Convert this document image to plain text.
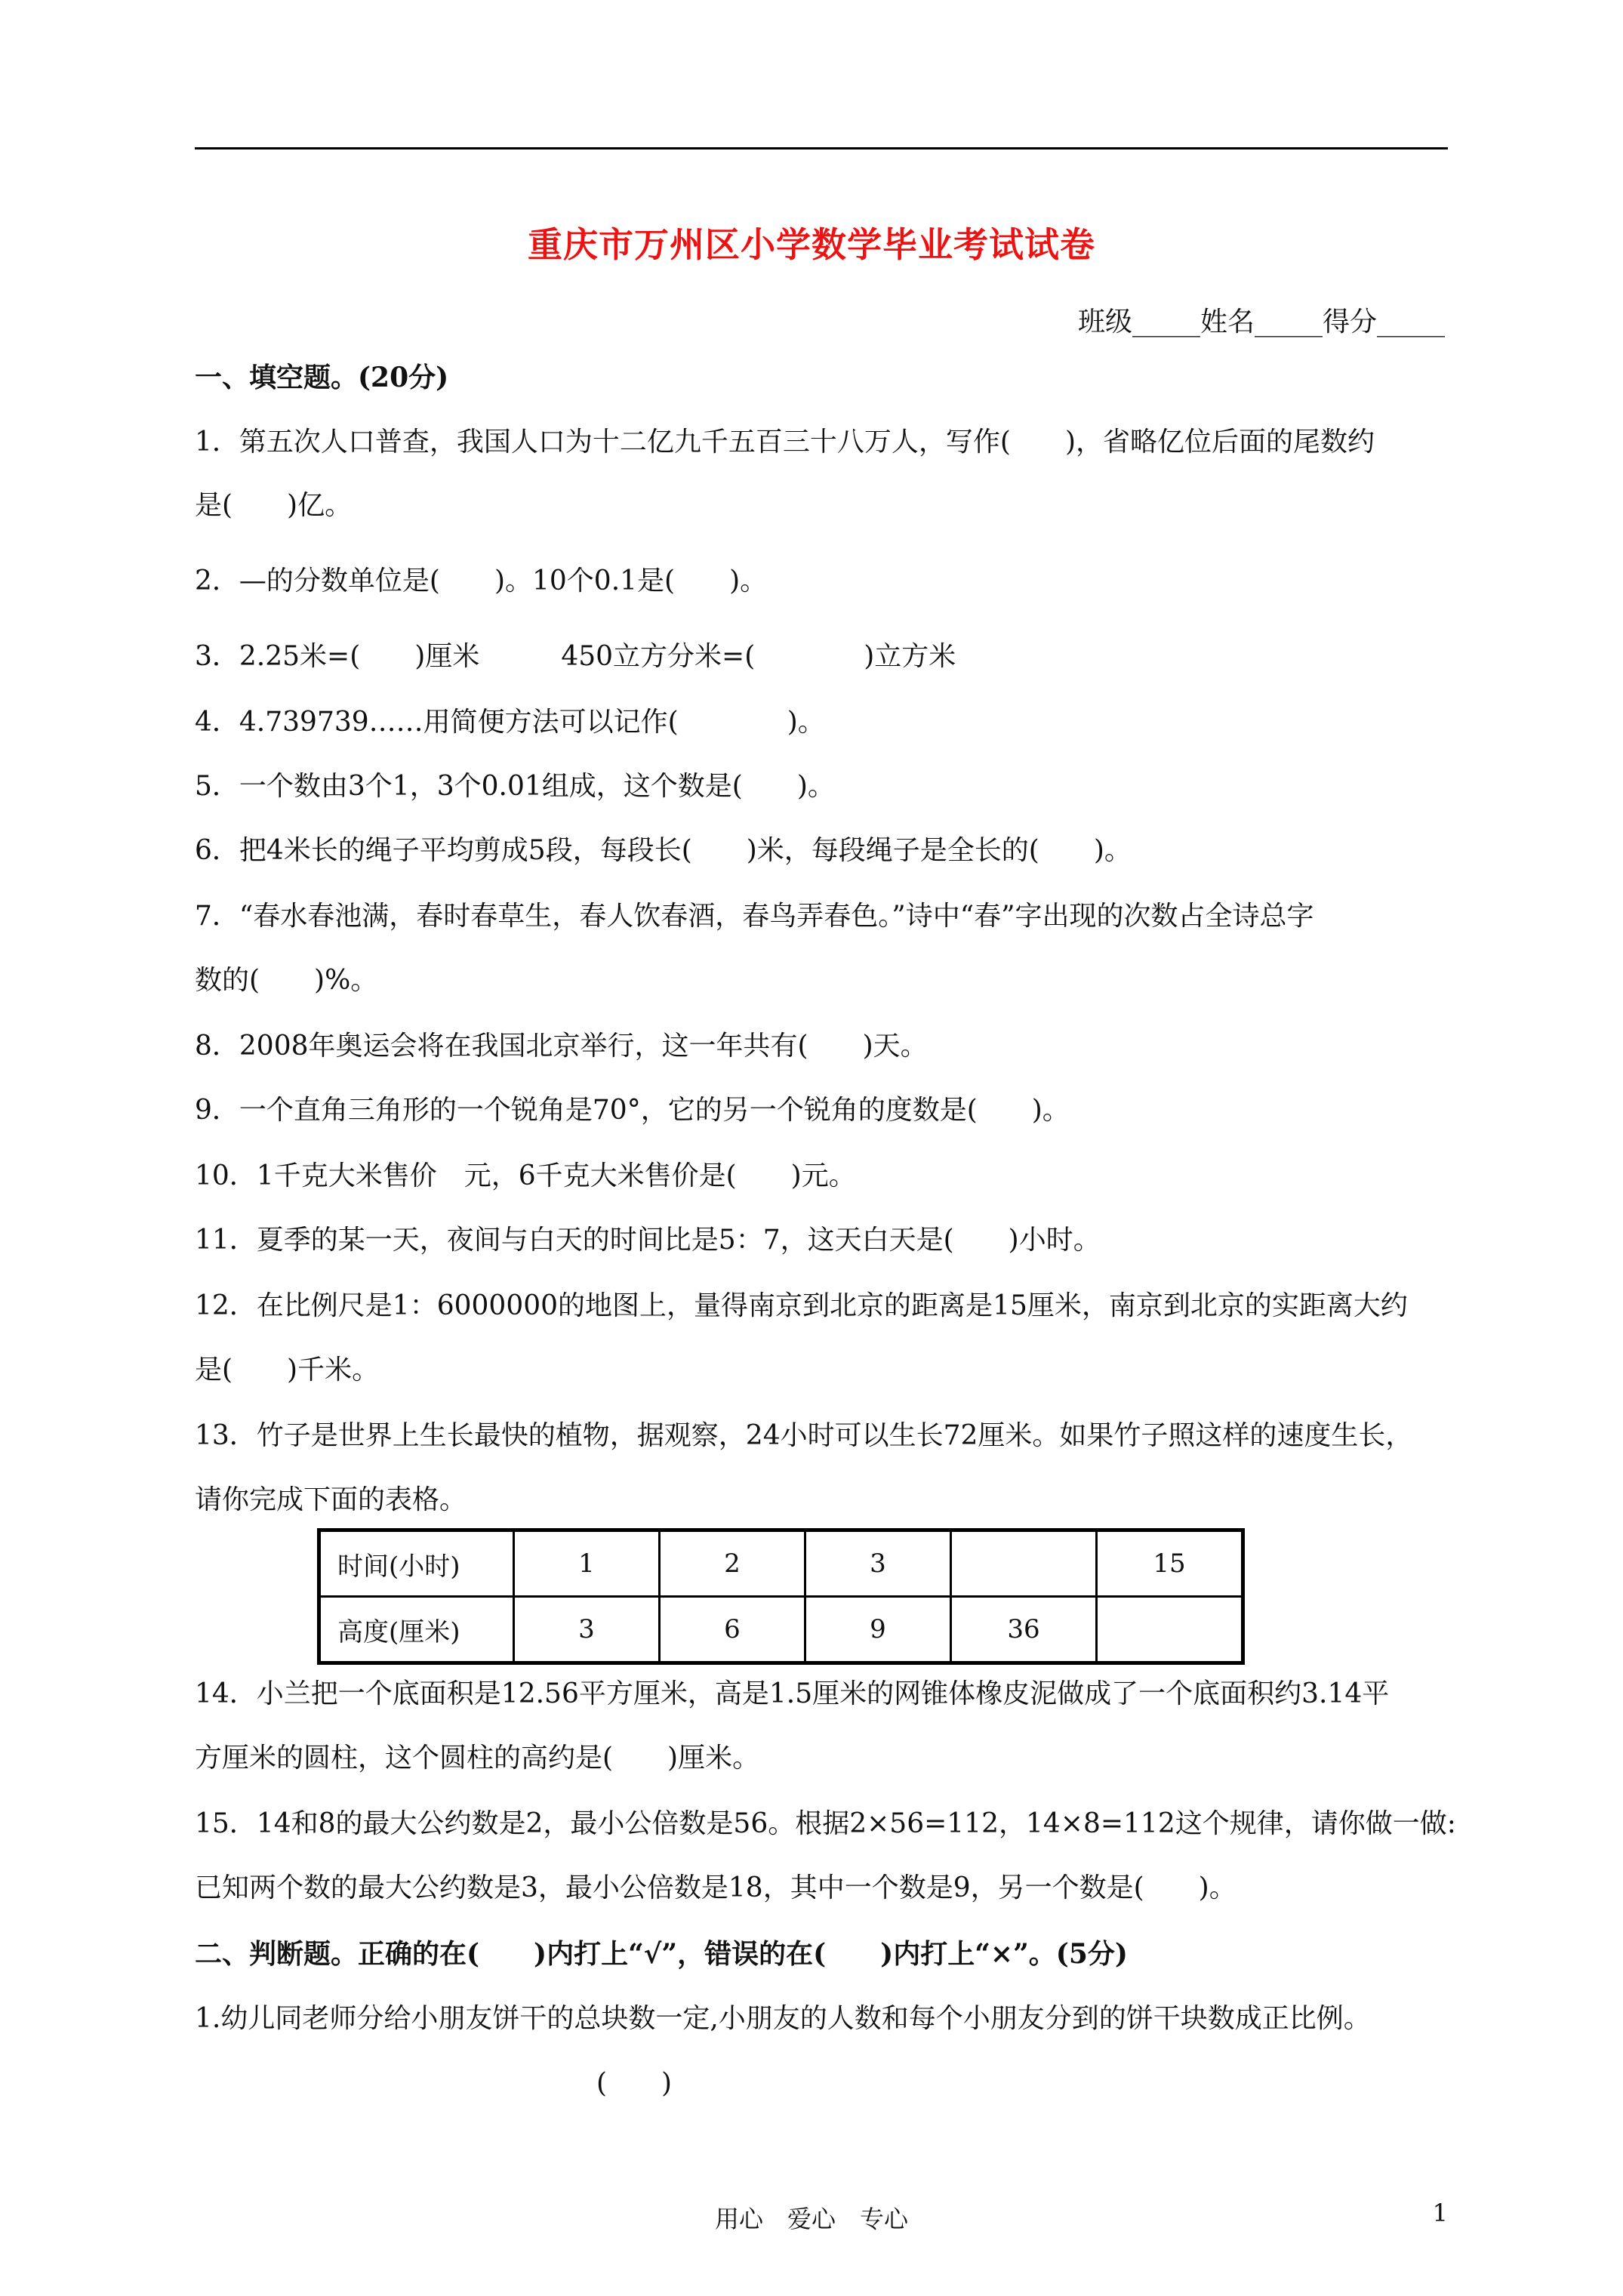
重庆市万州区小学数学毕业考试试卷
班级_____姓名_____得分_____
一、填空题。(20分)
1．第五次人口普查，我国人口为十二亿九千五百三十八万人，写作(　　)，省略亿位后面的尾数约
是(　　)亿。
2．—的分数单位是(　　)。10个0.1是(　　)。
3．2.25米=(　　)厘米　　　450立方分米=(　　　　)立方米
4．4.739739……用简便方法可以记作(　　　　)。
5．一个数由3个1，3个0.01组成，这个数是(　　)。
6．把4米长的绳子平均剪成5段，每段长(　　)米，每段绳子是全长的(　　)。
7．“春水春池满，春时春草生，春人饮春酒，春鸟弄春色。”诗中“春”字出现的次数占全诗总字
数的(　　)%。
8．2008年奥运会将在我国北京举行，这一年共有(　　)天。
9．一个直角三角形的一个锐角是70°，它的另一个锐角的度数是(　　)。
10．1千克大米售价　元，6千克大米售价是(　　)元。
11．夏季的某一天，夜间与白天的时间比是5：7，这天白天是(　　)小时。
12．在比例尺是1：6000000的地图上，量得南京到北京的距离是15厘米，南京到北京的实距离大约
是(　　)千米。
13．竹子是世界上生长最快的植物，据观察，24小时可以生长72厘米。如果竹子照这样的速度生长，
请你完成下面的表格。
时间(小时)	1	2	3		15
高度(厘米)	3	6	9	36	
14．小兰把一个底面积是12.56平方厘米，高是1.5厘米的网锥体橡皮泥做成了一个底面积约3.14平
方厘米的圆柱，这个圆柱的高约是(　　)厘米。
15．14和8的最大公约数是2，最小公倍数是56。根据2×56=112，14×8=112这个规律，请你做一做:
已知两个数的最大公约数是3，最小公倍数是18，其中一个数是9，另一个数是(　　)。
二、判断题。正确的在(　　)内打上“√”，错误的在(　　)内打上“×”。(5分)
1.幼儿同老师分给小朋友饼干的总块数一定,小朋友的人数和每个小朋友分到的饼干块数成正比例。
(　　)
用心　爱心　专心	1
